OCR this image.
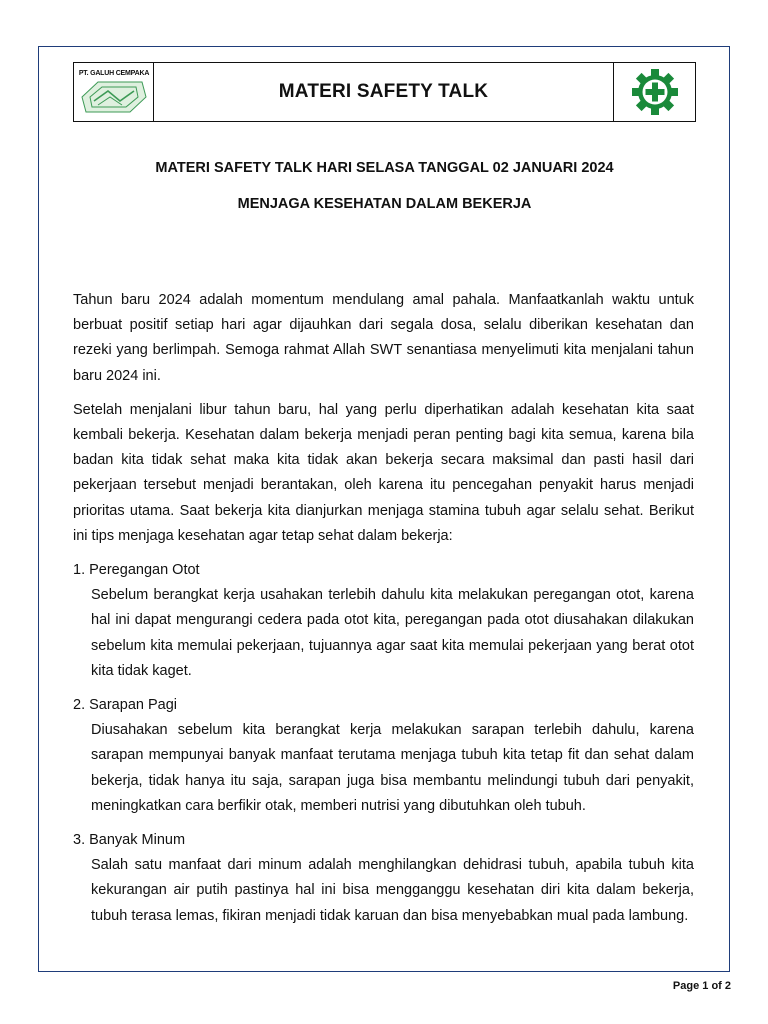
PT. GALUH CEMPAKA
MATERI SAFETY TALK
MATERI SAFETY TALK HARI SELASA TANGGAL 02 JANUARI 2024
MENJAGA KESEHATAN DALAM BEKERJA

Tahun baru 2024 adalah momentum mendulang amal pahala. Manfaatkanlah waktu untuk berbuat positif setiap hari agar dijauhkan dari segala dosa, selalu diberikan kesehatan dan rezeki yang berlimpah. Semoga rahmat Allah SWT senantiasa menyelimuti kita menjalani tahun baru 2024 ini.

Setelah menjalani libur tahun baru, hal yang perlu diperhatikan adalah kesehatan kita saat kembali bekerja. Kesehatan dalam bekerja menjadi peran penting bagi kita semua, karena bila badan kita tidak sehat maka kita tidak akan bekerja secara maksimal dan pasti hasil dari pekerjaan tersebut menjadi berantakan, oleh karena itu pencegahan penyakit harus menjadi prioritas utama. Saat bekerja kita dianjurkan menjaga stamina tubuh agar selalu sehat. Berikut ini tips menjaga kesehatan agar tetap sehat dalam bekerja:

1. Peregangan Otot
Sebelum berangkat kerja usahakan terlebih dahulu kita melakukan peregangan otot, karena hal ini dapat mengurangi cedera pada otot kita, peregangan pada otot diusahakan dilakukan sebelum kita memulai pekerjaan, tujuannya agar saat kita memulai pekerjaan yang berat otot kita tidak kaget.
2. Sarapan Pagi
Diusahakan sebelum kita berangkat kerja melakukan sarapan terlebih dahulu, karena sarapan mempunyai banyak manfaat terutama menjaga tubuh kita tetap fit dan sehat dalam bekerja, tidak hanya itu saja, sarapan juga bisa membantu melindungi tubuh dari penyakit, meningkatkan cara berfikir otak, memberi nutrisi yang dibutuhkan oleh tubuh.
3. Banyak Minum
Salah satu manfaat dari minum adalah menghilangkan dehidrasi tubuh, apabila tubuh kita kekurangan air putih pastinya hal ini bisa mengganggu kesehatan diri kita dalam bekerja, tubuh terasa lemas, fikiran menjadi tidak karuan dan bisa menyebabkan mual pada lambung.
Page 1 of 2
